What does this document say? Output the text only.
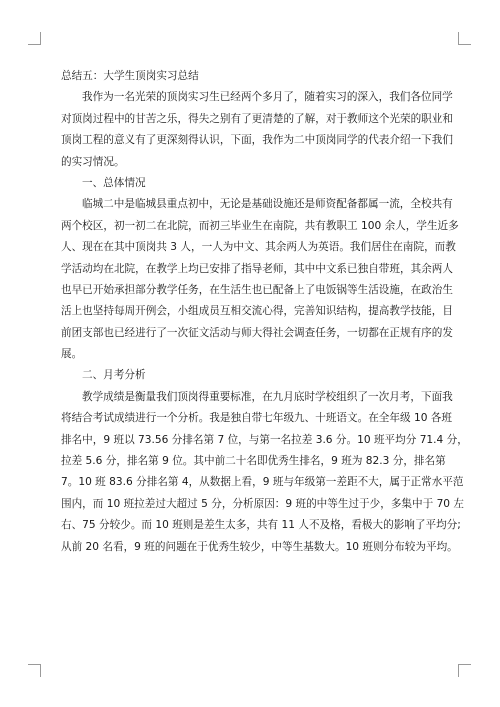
总结五：大学生顶岗实习总结
我作为一名光荣的顶岗实习生已经两个多月了，随着实习的深入，我们各位同学
对顶岗过程中的甘苦之乐，得失之别有了更清楚的了解，对于教师这个光荣的职业和
顶岗工程的意义有了更深刻得认识，下面，我作为二中顶岗同学的代表介绍一下我们
的实习情况。
一、总体情况
临城二中是临城县重点初中，无论是基础设施还是师资配备都属一流，全校共有
两个校区，初一初二在北院，而初三毕业生在南院，共有教职工 100 余人，学生近多
人、现在在其中顶岗共 3 人，一人为中文、其余两人为英语。我们居住在南院，而教
学活动均在北院，在教学上均已安排了指导老师，其中中文系已独自带班，其余两人
也早已开始承担部分教学任务，在生活生也已配备上了电饭锅等生活设施，在政治生
活上也坚持每周开例会，小组成员互相交流心得，完善知识结构，提高教学技能，目
前团支部也已经进行了一次征文活动与师大得社会调查任务，一切都在正规有序的发
展。
二、月考分析
教学成绩是衡量我们顶岗得重要标准，在九月底时学校组织了一次月考，下面我
将结合考试成绩进行一个分析。我是独自带七年级九、十班语文。在全年级 10 各班
排名中，9 班以 73.56 分排名第 7 位，与第一名拉差 3.6 分。10 班平均分 71.4 分，
拉差 5.6 分，排名第 9 位。其中前二十名即优秀生排名，9 班为 82.3 分，排名第
7。10 班 83.6 分排名第 4，从数据上看，9 班与年级第一差距不大，属于正常水平范
围内，而 10 班拉差过大超过 5 分，分析原因：9 班的中等生过于少，多集中于 70 左
右、75 分较少。而 10 班则是差生太多，共有 11 人不及格，看极大的影响了平均分;
从前 20 名看，9 班的问题在于优秀生较少，中等生基数大。10 班则分布较为平均。
